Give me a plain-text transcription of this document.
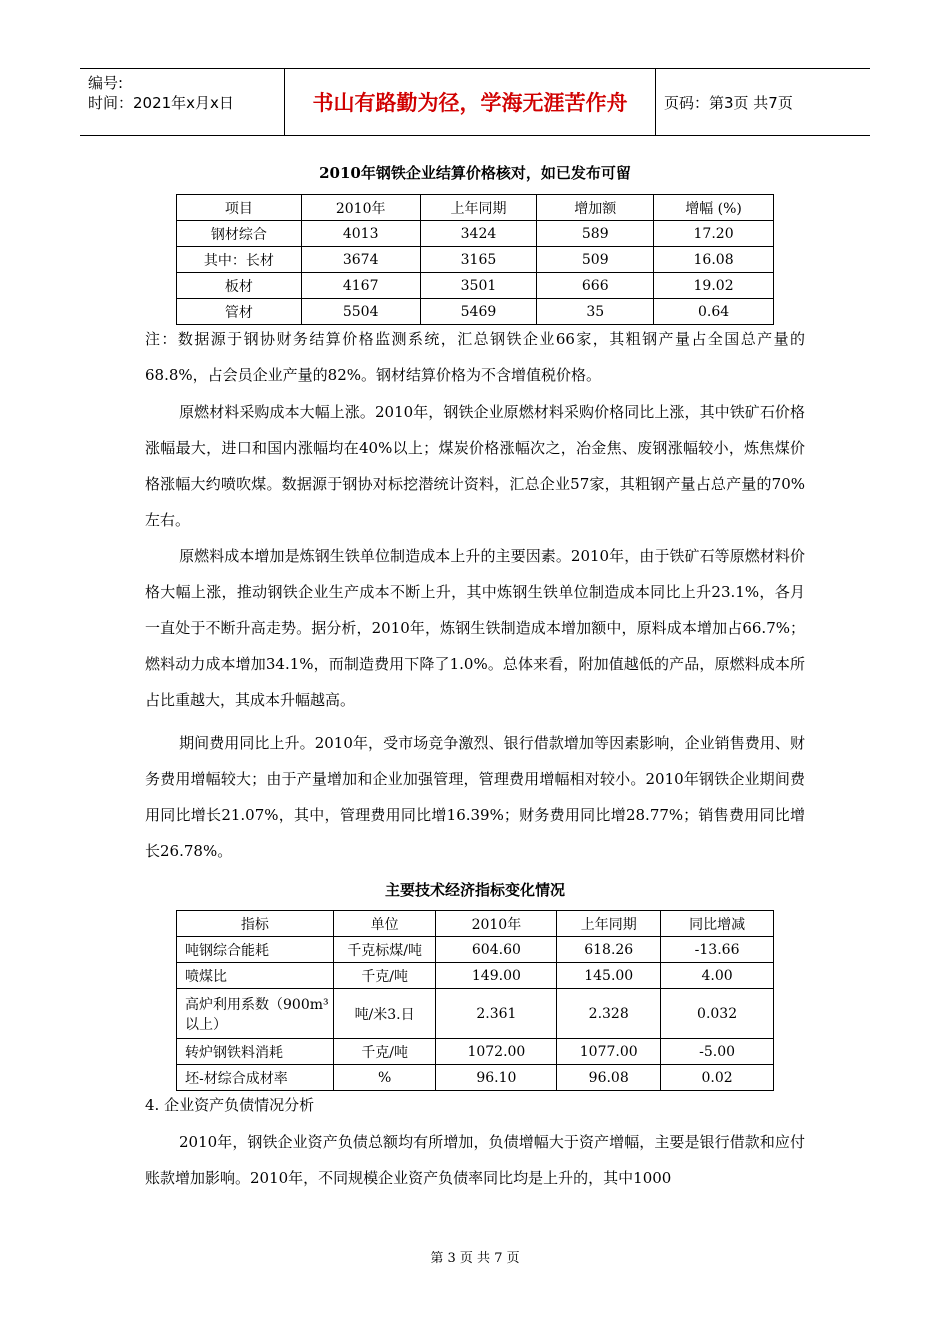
编号:
时间：2021年x月x日	书山有路勤为径，学海无涯苦作舟	页码：第3页 共7页
2010年钢铁企业结算价格核对，如已发布可留
项目	2010年	上年同期	增加额	增幅 (%)
钢材综合	4013	3424	589	17.20
其中：长材	3674	3165	509	16.08
板材	4167	3501	666	19.02
管材	5504	5469	35	0.64
注：数据源于钢协财务结算价格监测系统，汇总钢铁企业66家，其粗钢产量占全国总产量的68.8%，占会员企业产量的82%。钢材结算价格为不含增值税价格。
原燃材料采购成本大幅上涨。2010年，钢铁企业原燃材料采购价格同比上涨，其中铁矿石价格涨幅最大，进口和国内涨幅均在40%以上；煤炭价格涨幅次之，冶金焦、废钢涨幅较小，炼焦煤价格涨幅大约喷吹煤。数据源于钢协对标挖潜统计资料，汇总企业57家，其粗钢产量占总产量的70%左右。
原燃料成本增加是炼钢生铁单位制造成本上升的主要因素。2010年，由于铁矿石等原燃材料价格大幅上涨，推动钢铁企业生产成本不断上升，其中炼钢生铁单位制造成本同比上升23.1%，各月一直处于不断升高走势。据分析，2010年，炼钢生铁制造成本增加额中，原料成本增加占66.7%；燃料动力成本增加34.1%，而制造费用下降了1.0%。总体来看，附加值越低的产品，原燃料成本所占比重越大，其成本升幅越高。
期间费用同比上升。2010年，受市场竞争激烈、银行借款增加等因素影响，企业销售费用、财务费用增幅较大；由于产量增加和企业加强管理，管理费用增幅相对较小。2010年钢铁企业期间费用同比增长21.07%，其中，管理费用同比增16.39%；财务费用同比增28.77%；销售费用同比增长26.78%。
主要技术经济指标变化情况
指标	单位	2010年	上年同期	同比增减
吨钢综合能耗	千克标煤/吨	604.60	618.26	-13.66
喷煤比	千克/吨	149.00	145.00	4.00
高炉利用系数（900m³以上）	吨/米3.日	2.361	2.328	0.032
转炉钢铁料消耗	千克/吨	1072.00	1077.00	-5.00
坯-材综合成材率	%	96.10	96.08	0.02
4. 企业资产负债情况分析
2010年，钢铁企业资产负债总额均有所增加，负债增幅大于资产增幅，主要是银行借款和应付账款增加影响。2010年，不同规模企业资产负债率同比均是上升的，其中1000
第 3 页 共 7 页
